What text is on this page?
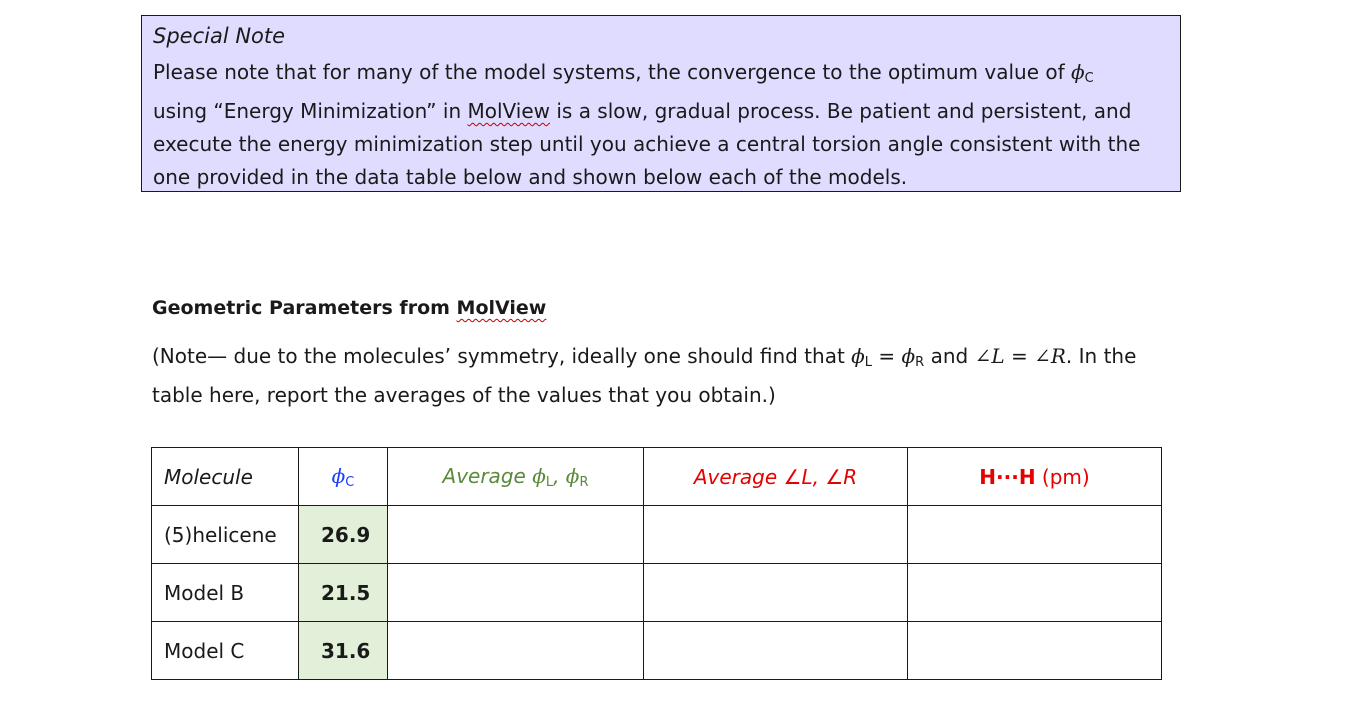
Special Note

Please note that for many of the model systems, the convergence to the optimum value of $\phi_C$
using “Energy Minimization” in MolView is a slow, gradual process. Be patient and persistent, and execute the energy minimization step until you achieve a central torsion angle consistent with the one provided in the data table below and shown below each of the models.

Geometric Parameters from MolView
(Note— due to the molecules’ symmetry, ideally one should find that $\phi_L = \phi_R$ and ∠L = ∠R. In the table here, report the averages of the values that you obtain.)
Molecule	$\phi_C$	Average $\phi_L$, $\phi_R$	Average ∠L, ∠R	H···H (pm)
(5)helicene	26.9			
Model B	21.5			
Model C	31.6			
